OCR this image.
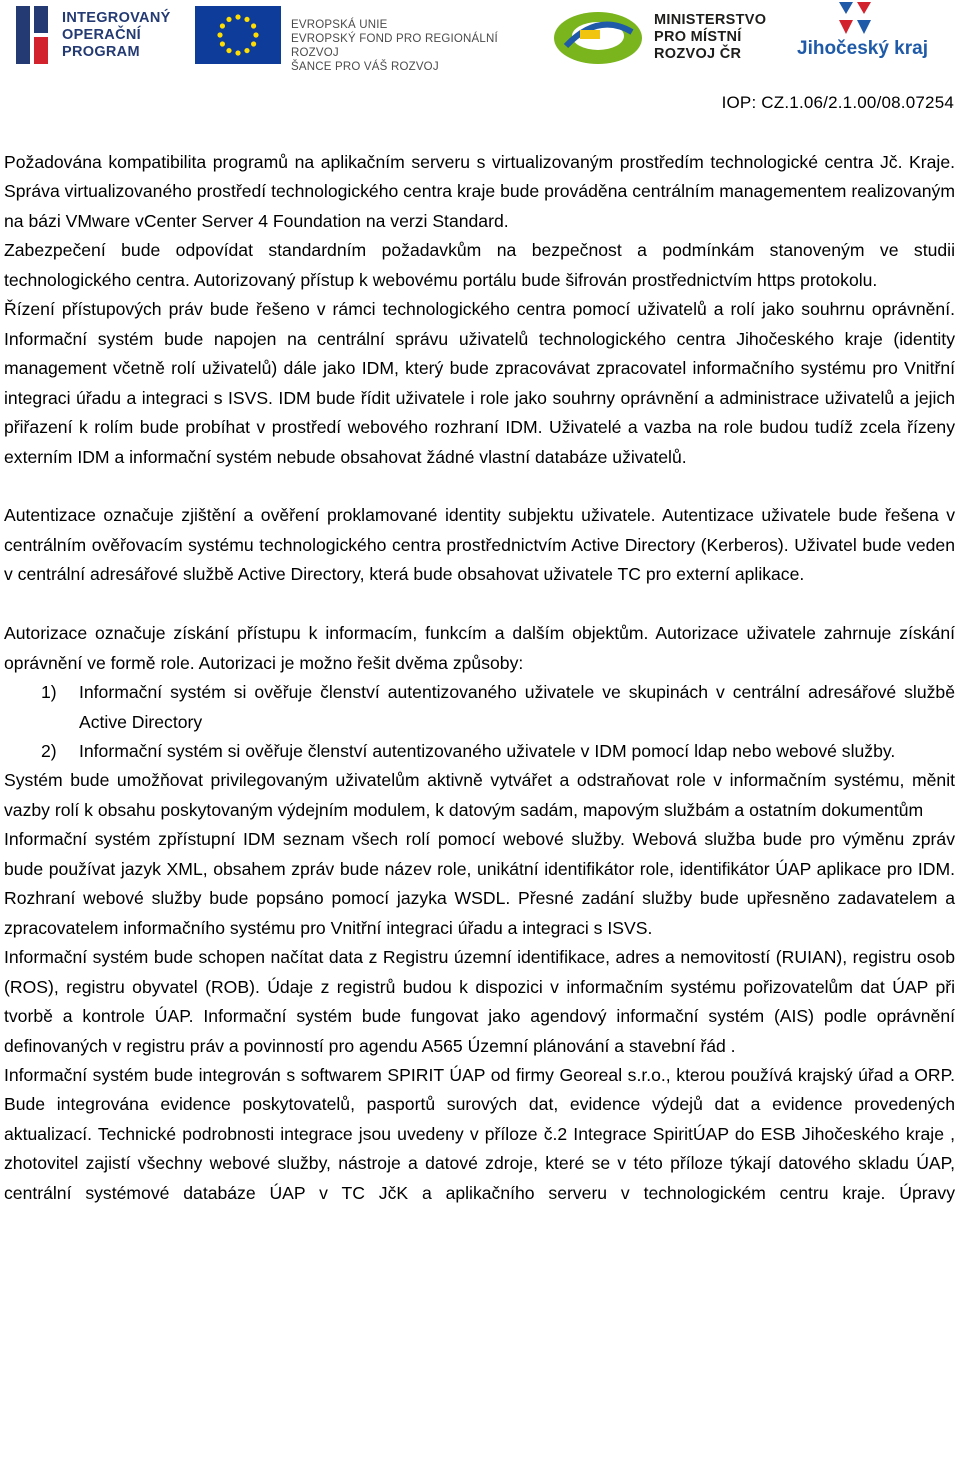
INTEGROVANÝ
OPERAČNÍ
PROGRAM
EVROPSKÁ UNIE
EVROPSKÝ FOND PRO REGIONÁLNÍ ROZVOJ
ŠANCE PRO VÁŠ ROZVOJ
MINISTERSTVO
PRO MÍSTNÍ
ROZVOJ ČR	Jihočeský kraj
IOP: CZ.1.06/2.1.00/08.07254

Požadována kompatibilita programů na aplikačním serveru s virtualizovaným prostředím technologické centra Jč. Kraje. Správa virtualizovaného prostředí technologického centra kraje bude prováděna centrálním managementem realizovaným na bázi VMware vCenter Server 4 Foundation na verzi Standard.

Zabezpečení bude odpovídat standardním požadavkům na bezpečnost a podmínkám stanoveným ve studii technologického centra. Autorizovaný přístup k webovému portálu bude šifrován prostřednictvím https protokolu.

Řízení přístupových práv bude řešeno v rámci technologického centra pomocí uživatelů a rolí jako souhrnu oprávnění. Informační systém bude napojen na centrální správu uživatelů technologického centra Jihočeského kraje (identity management včetně rolí uživatelů) dále jako IDM, který bude zpracovávat zpracovatel informačního systému pro Vnitřní integraci úřadu a integraci s ISVS. IDM bude řídit uživatele i role jako souhrny oprávnění a administrace uživatelů a jejich přiřazení k rolím bude probíhat v prostředí webového rozhraní IDM. Uživatelé a vazba na role budou tudíž zcela řízeny externím IDM a informační systém nebude obsahovat žádné vlastní databáze uživatelů.

Autentizace označuje zjištění a ověření proklamované identity subjektu uživatele. Autentizace uživatele bude řešena v centrálním ověřovacím systému technologického centra prostřednictvím Active Directory (Kerberos). Uživatel bude veden v centrální adresářové službě Active Directory, která bude obsahovat uživatele TC pro externí aplikace.

Autorizace označuje získání přístupu k informacím, funkcím a dalším objektům. Autorizace uživatele zahrnuje získání oprávnění ve formě role. Autorizaci je možno řešit dvěma způsoby:

1) Informační systém si ověřuje členství autentizovaného uživatele ve skupinách v centrální adresářové službě Active Directory
2) Informační systém si ověřuje členství autentizovaného uživatele v IDM pomocí ldap nebo webové služby.

Systém bude umožňovat privilegovaným uživatelům aktivně vytvářet a odstraňovat role v informačním systému, měnit vazby rolí k obsahu poskytovaným výdejním modulem, k datovým sadám, mapovým službám a ostatním dokumentům

Informační systém zpřístupní IDM seznam všech rolí pomocí webové služby. Webová služba bude pro výměnu zpráv bude používat jazyk XML, obsahem zpráv bude název role, unikátní identifikátor role, identifikátor ÚAP aplikace pro IDM. Rozhraní webové služby bude popsáno pomocí jazyka WSDL. Přesné zadání služby bude upřesněno zadavatelem a zpracovatelem informačního systému pro Vnitřní integraci úřadu a integraci s ISVS.

Informační systém bude schopen načítat data z Registru územní identifikace, adres a nemovitostí (RUIAN), registru osob (ROS), registru obyvatel (ROB). Údaje z registrů budou k dispozici v informačním systému pořizovatelům dat ÚAP při tvorbě a kontrole ÚAP. Informační systém bude fungovat jako agendový informační systém (AIS) podle oprávnění definovaných v registru práv a povinností pro agendu A565 Územní plánování a stavební řád .

Informační systém bude integrován s softwarem SPIRIT ÚAP od firmy Georeal s.r.o., kterou používá krajský úřad a ORP. Bude integrována evidence poskytovatelů, pasportů surových dat, evidence výdejů dat a evidence provedených aktualizací. Technické podrobnosti integrace jsou uvedeny v příloze č.2 Integrace SpiritÚAP do ESB Jihočeského kraje , zhotovitel zajistí všechny webové služby, nástroje a datové zdroje, které se v této příloze týkají datového skladu ÚAP, centrální systémové databáze ÚAP v TC JčK a aplikačního serveru v technologickém centru kraje. Úpravy
